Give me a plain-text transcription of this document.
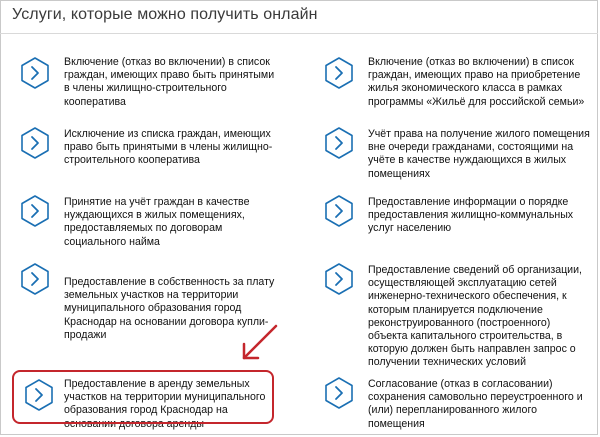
Услуги, которые можно получить онлайн
Включение (отказ во включении) в список граждан, имеющих право быть принятыми в члены жилищно-строительного кооператива
Включение (отказ во включении) в список граждан, имеющих право на приобретение жилья экономического класса в рамках программы «Жильё для российской семьи»
Исключение из списка граждан, имеющих право быть принятыми в члены жилищно-строительного кооператива
Учёт права на получение жилого помещения вне очереди гражданами, состоящими на учёте в качестве нуждающихся в жилых помещениях
Принятие на учёт граждан в качестве нуждающихся в жилых помещениях, предоставляемых по договорам социального найма
Предоставление информации о порядке предоставления жилищно-коммунальных услуг населению
Предоставление в собственность за плату земельных участков на территории муниципального образования город Краснодар на основании договора купли-продажи
Предоставление сведений об организации, осуществляющей эксплуатацию сетей инженерно-технического обеспечения, к которым планируется подключение реконструированного (построенного) объекта капитального строительства, в которую должен быть направлен запрос о получении технических условий
Предоставление в аренду земельных участков на территории муниципального образования город Краснодар на основании договора аренды
Согласование (отказ в согласовании) сохранения самовольно переустроенного и (или) перепланированного жилого помещения
